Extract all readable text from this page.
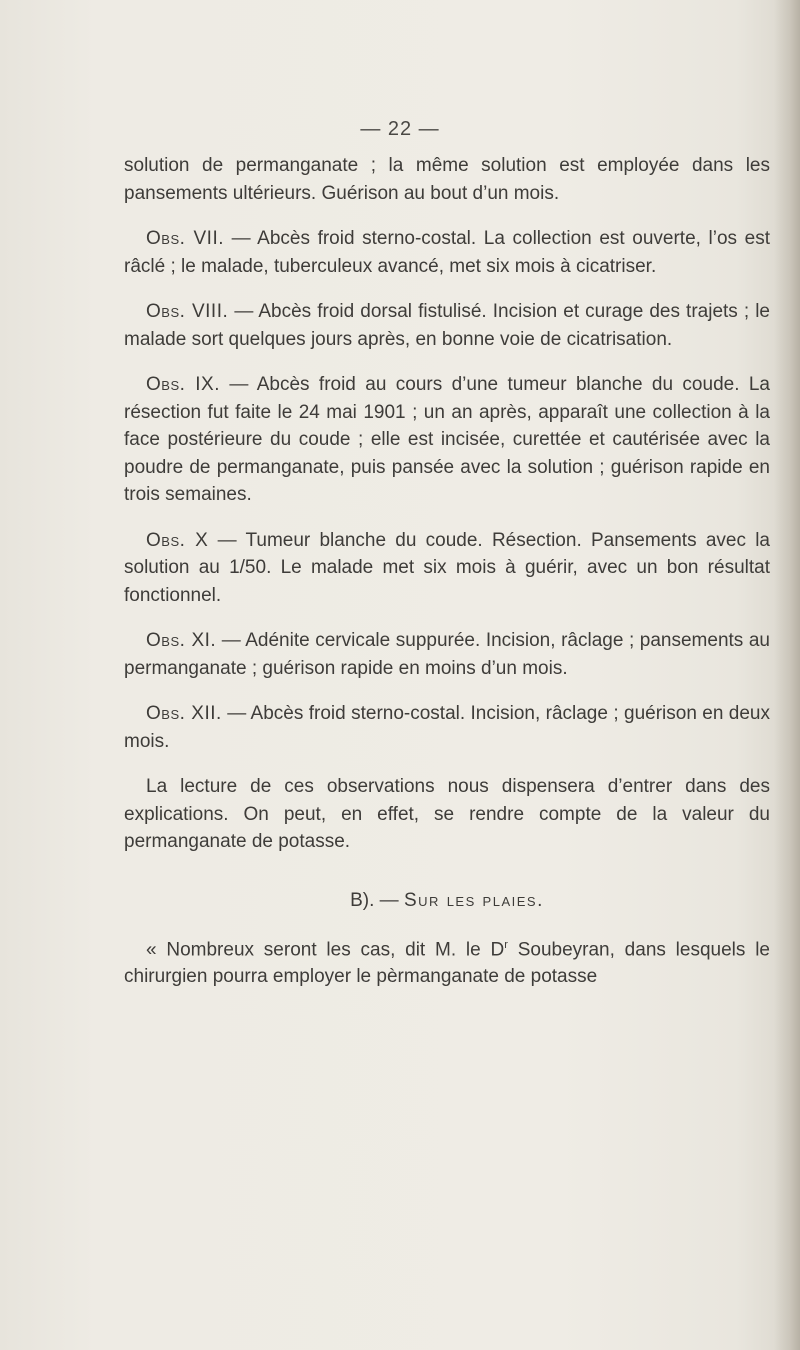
— 22 —

solution de permanganate ; la même solution est employée dans les pansements ultérieurs. Guérison au bout d’un mois.

Obs. VII. — Abcès froid sterno-costal. La collection est ouverte, l’os est râclé ; le malade, tuberculeux avancé, met six mois à cicatriser.

Obs. VIII. — Abcès froid dorsal fistulisé. Incision et curage des trajets ; le malade sort quelques jours après, en bonne voie de cicatrisation.

Obs. IX. — Abcès froid au cours d’une tumeur blanche du coude. La résection fut faite le 24 mai 1901 ; un an après, apparaît une collection à la face postérieure du coude ; elle est incisée, curettée et cautérisée avec la poudre de permanganate, puis pansée avec la solution ; guérison rapide en trois semaines.

Obs. X — Tumeur blanche du coude. Résection. Pansements avec la solution au 1/50. Le malade met six mois à guérir, avec un bon résultat fonctionnel.

Obs. XI. — Adénite cervicale suppurée. Incision, râclage ; pansements au permanganate ; guérison rapide en moins d’un mois.

Obs. XII. — Abcès froid sterno-costal. Incision, râclage ; guérison en deux mois.

La lecture de ces observations nous dispensera d’entrer dans des explications. On peut, en effet, se rendre compte de la valeur du permanganate de potasse.

B). — Sur les plaies.

« Nombreux seront les cas, dit M. le $D^r$ Soubeyran, dans lesquels le chirurgien pourra employer le pèrmanganate de potasse
